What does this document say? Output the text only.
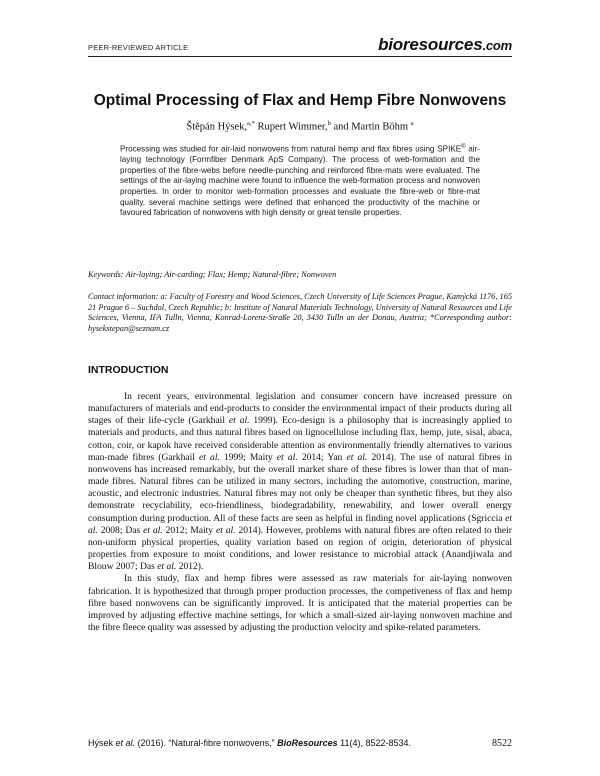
PEER-REVIEWED ARTICLE	bioresources.com
Optimal Processing of Flax and Hemp Fibre Nonwovens
Štěpán Hýsek,$^{a,*}$ Rupert Wimmer,$^b$ and Martin Böhm $^a$
Processing was studied for air-laid nonwovens from natural hemp and flax fibres using SPIKE® air-laying technology (Formfiber Denmark ApS Company). The process of web-formation and the properties of the fibre-webs before needle-punching and reinforced fibre-mats were evaluated. The settings of the air-laying machine were found to influence the web-formation process and nonwoven properties. In order to monitor web-formation processes and evaluate the fibre-web or fibre-mat quality, several machine settings were defined that enhanced the productivity of the machine or favoured fabrication of nonwovens with high density or great tensile properties.
Keywords: Air-laying; Air-carding; Flax; Hemp; Natural-fibre; Nonwoven
Contact information: a: Faculty of Forestry and Wood Sciences, Czech University of Life Sciences Prague, Kamýcká 1176, 165 21 Prague 6 – Suchdol, Czech Republic; b: Institute of Natural Materials Technology, University of Natural Resources and Life Sciences, Vienna, IFA Tulln, Vienna, Konrad-Lorenz-Straße 20, 3430 Tulln an der Donau, Austria; *Corresponding author: hysekstepan@seznam.cz
INTRODUCTION

In recent years, environmental legislation and consumer concern have increased pressure on manufacturers of materials and end-products to consider the environmental impact of their products during all stages of their life-cycle (Garkhail et al. 1999). Eco-design is a philosophy that is increasingly applied to materials and products, and thus natural fibres based on lignocellulose including flax, hemp, jute, sisal, abaca, cotton, coir, or kapok have received considerable attention as environmentally friendly alternatives to various man-made fibres (Garkhail et al. 1999; Maity et al. 2014; Yan et al. 2014). The use of natural fibres in nonwovens has increased remarkably, but the overall market share of these fibres is lower than that of man-made fibres. Natural fibres can be utilized in many sectors, including the automotive, construction, marine, acoustic, and electronic industries. Natural fibres may not only be cheaper than synthetic fibres, but they also demonstrate recyclability, eco-friendliness, biodegradability, renewability, and lower overall energy consumption during production. All of these facts are seen as helpful in finding novel applications (Sgriccia et al. 2008; Das et al. 2012; Maity et al. 2014). However, problems with natural fibres are often related to their non-uniform physical properties, quality variation based on region of origin, deterioration of physical properties from exposure to moist conditions, and lower resistance to microbial attack (Anandjiwala and Blouw 2007; Das et al. 2012).

In this study, flax and hemp fibres were assessed as raw materials for air-laying nonwoven fabrication. It is hypothesized that through proper production processes, the competiveness of flax and hemp fibre based nonwovens can be significantly improved. It is anticipated that the material properties can be improved by adjusting effective machine settings, for which a small-sized air-laying nonwoven machine and the fibre fleece quality was assessed by adjusting the production velocity and spike-related parameters.

Hýsek et al. (2016). “Natural-fibre nonwovens,” BioResources 11(4), 8522-8534.	8522
